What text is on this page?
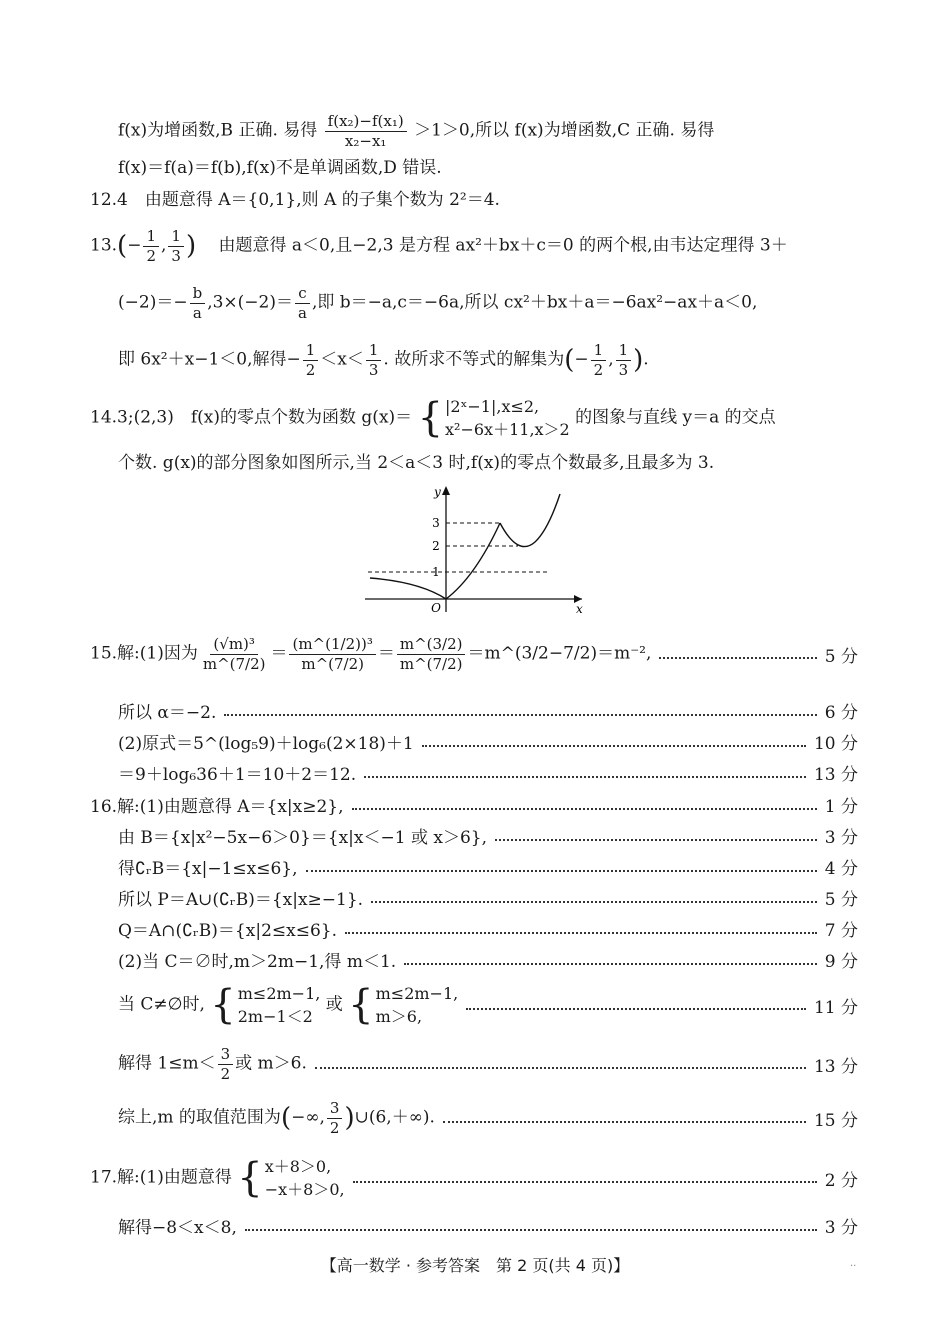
f(x)为增函数,B 正确. 易得 $\frac{\text{f(x₂)−f(x₁)}}{\text{x₂−x₁}} >1>0$,所以 f(x)为增函数,C 正确. 易得
f(x)＝f(a)＝f(b),f(x)不是单调函数,D 错误.
12.4　由题意得 A＝{0,1},则 A 的子集个数为 2²＝4.
$13.(- \frac{1}{2}$ , $\frac{1}{3}$ ) 　由题意得 a＜0,且−2,3 是方程 ax²＋bx＋c＝0 的两个根,由韦达定理得 3＋
$(-2)=- \frac{b}{a} ,3\times(-2)= \frac{c}{a}$ ,即 b＝−a,c＝−6a,所以 cx²＋bx＋a＝−6ax²−ax＋a＜0,
即 6x²＋x−1＜0,解得− $\frac{1}{2} <x< \frac{1}{3}$ . 故所求不等式的解集为(− $\frac{1}{2}$ , $\frac{1}{3}$ ).
14.3;(2,3)　f(x)的零点个数为函数 g(x)＝ { |2ˣ−1|,x≤2,
x²−6x＋11,x＞2
的图象与直线 y＝a 的交点
个数. g(x)的部分图象如图所示,当 2＜a＜3 时,f(x)的零点个数最多,且最多为 3.
1
2
3
O	x
y
15.解:(1)因为 $\frac{\text{(√m)³}}{m\^{}(7/2)} = \frac{\text{(m\textasciicircum{}(1/2))³}}{m\^{}(7/2)} = \frac{m\^{}(3/2)}{m\^{}(7/2)}$ ＝m^(3/2−7/2)＝m⁻²,	5 分
所以 α＝−2.	6 分
(2)原式＝5^(log₅9)＋log₆(2×18)＋1	10 分
＝9＋log₆36＋1＝10＋2＝12.	13 分
16.解:(1)由题意得 A＝{x|x≥2},	1 分
由 B＝{x|x²−5x−6＞0}＝{x|x＜−1 或 x＞6},	3 分
得∁ᵣB＝{x|−1≤x≤6},	4 分
所以 P＝A∪(∁ᵣB)＝{x|x≥−1}.	5 分
Q＝A∩(∁ᵣB)＝{x|2≤x≤6}.	7 分
(2)当 C＝∅时,m＞2m−1,得 m＜1.	9 分
当 C≠∅时, { m≤2m−1,
2m−1＜2
或 { m≤2m−1,
m＞6,	11 分
解得 $1\le m< \frac{3}{2}$ 或 m＞6.	13 分
综上,m 的取值范围为(−∞, $\frac{3}{2}$ )∪(6,＋∞).	15 分
17.解:(1)由题意得 { x＋8＞0,
−x＋8＞0,	2 分
解得−8＜x＜8,	3 分
【高一数学 · 参考答案　第 2 页(共 4 页)】	··
